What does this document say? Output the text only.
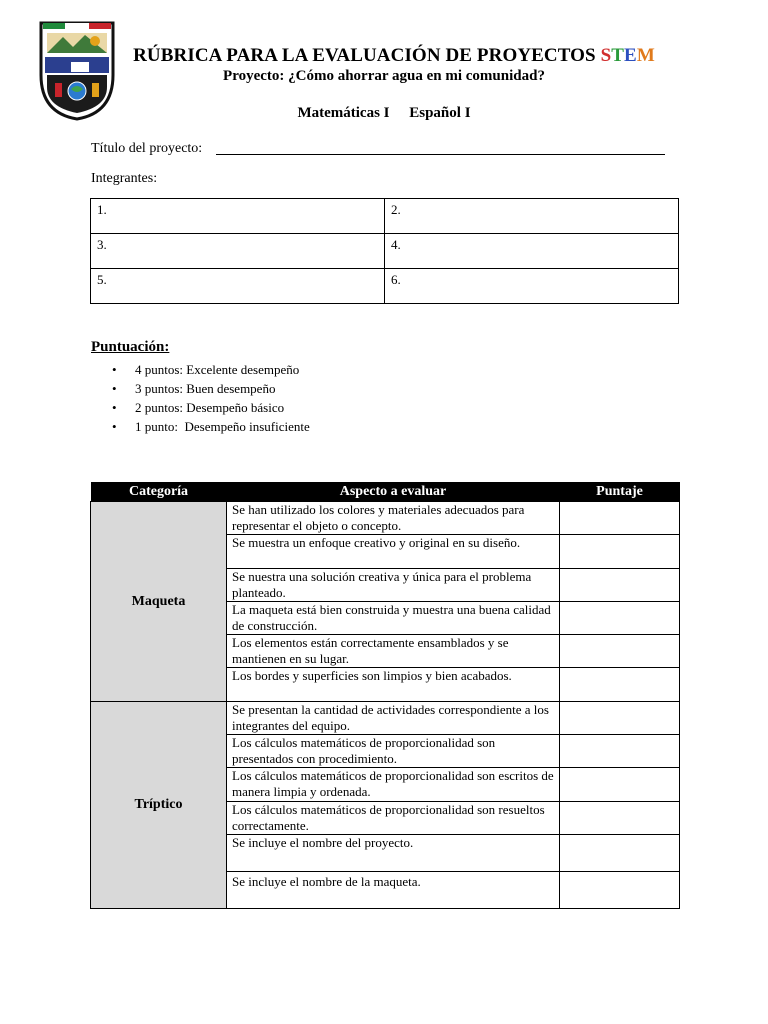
RÚBRICA PARA LA EVALUACIÓN DE PROYECTOS STEM
Proyecto: ¿Cómo ahorrar agua en mi comunidad?
Matemáticas I Español I
Título del proyecto:
Integrantes:
1.	2.
3.	4.
5.	6.
Puntuación:
• 4 puntos: Excelente desempeño
• 3 puntos: Buen desempeño
• 2 puntos: Desempeño básico
• 1 punto:  Desempeño insuficiente
Categoría	Aspecto a evaluar	Puntaje
Maqueta	Se han utilizado los colores y materiales adecuados para representar el objeto o concepto.	
	Se muestra un enfoque creativo y original en su diseño.	
	Se nuestra una solución creativa y única para el problema planteado.	
	La maqueta está bien construida y muestra una buena calidad de construcción.	
	Los elementos están correctamente ensamblados y se mantienen en su lugar.	
	Los bordes y superficies son limpios y bien acabados.	
Tríptico	Se presentan la cantidad de actividades correspondiente a los integrantes del equipo.	
	Los cálculos matemáticos de proporcionalidad son presentados con procedimiento.	
	Los cálculos matemáticos de proporcionalidad son escritos de manera limpia y ordenada.	
	Los cálculos matemáticos de proporcionalidad son resueltos correctamente.	
	Se incluye el nombre del proyecto.	
	Se incluye el nombre de la maqueta.	
